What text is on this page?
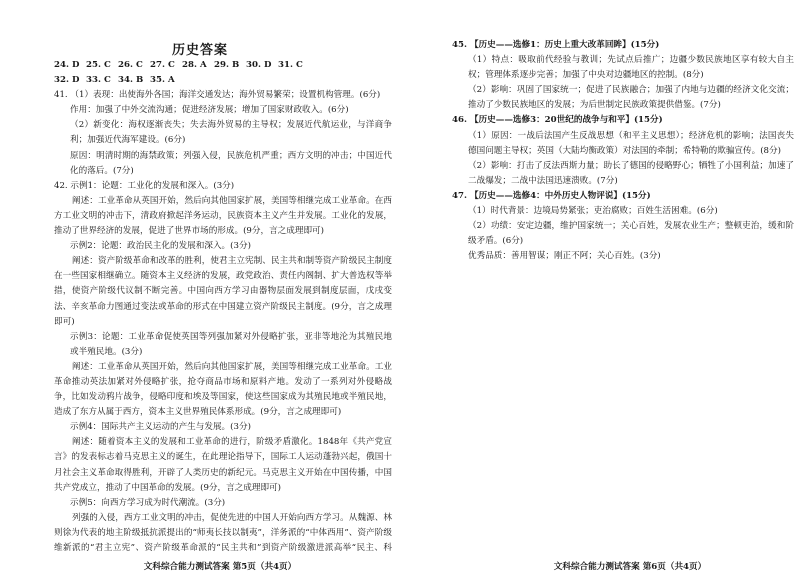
历史答案
24. D 25. C 26. C 27. C 28. A 29. B 30. D 31. C
32. D 33. C 34. B 35. A

41. （1）表现：出使海外各国；海洋交通发达；海外贸易繁荣；设置机构管理。(6分)

作用：加强了中外交流沟通；促进经济发展；增加了国家财政收入。(6分)

（2）新变化：海权逐渐丧失；失去海外贸易的主导权；发展近代航运业，与洋商争利；加强近代海军建设。(6分)

原因：明清时期的海禁政策；列强入侵，民族危机严重；西方文明的冲击；中国近代化的落后。(7分)

42. 示例1：论题：工业化的发展和深入。(3分)

阐述：工业革命从英国开始，然后向其他国家扩展，美国等相继完成工业革命。在西方工业文明的冲击下，清政府掀起洋务运动，民族资本主义产生并发展。工业化的发展，推动了世界经济的发展，促进了世界市场的形成。(9分，言之成理即可)

示例2：论题：政治民主化的发展和深入。(3分)

阐述：资产阶级革命和改革的胜利，使君主立宪制、民主共和制等资产阶级民主制度在一些国家相继确立。随资本主义经济的发展，政党政治、责任内阁制、扩大普选权等举措，使资产阶级代议制不断完善。中国向西方学习由器物层面发展到制度层面，戊戌变法、辛亥革命力图通过变法或革命的形式在中国建立资产阶级民主制度。(9分，言之成理即可)

示例3：论题：工业革命促使英国等列强加紧对外侵略扩张，亚非等地沦为其殖民地或半殖民地。(3分)

阐述：工业革命从英国开始，然后向其他国家扩展，美国等相继完成工业革命。工业革命推动英法加紧对外侵略扩张，抢夺商品市场和原料产地。发动了一系列对外侵略战争，比如发动鸦片战争，侵略印度和埃及等国家，使这些国家成为其殖民地或半殖民地，造成了东方从属于西方，资本主义世界殖民体系形成。(9分，言之成理即可)

示例4：国际共产主义运动的产生与发展。(3分)

阐述：随着资本主义的发展和工业革命的进行，阶级矛盾激化。1848年《共产党宣言》的发表标志着马克思主义的诞生，在此理论指导下，国际工人运动蓬勃兴起，俄国十月社会主义革命取得胜利，开辟了人类历史的新纪元。马克思主义开始在中国传播，中国共产党成立，推动了中国革命的发展。(9分，言之成理即可)

示例5：向西方学习成为时代潮流。(3分)

列强的入侵，西方工业文明的冲击，促使先进的中国人开始向西方学习。从魏源、林则徐为代表的地主阶级抵抗派提出的“师夷长技以制夷”，洋务派的“中体西用”、资产阶级维新派的“君主立宪”、资产阶级革命派的“民主共和”到资产阶级激进派高举“民主、科

文科综合能力测试答案 第5页（共4页）

45. 【历史——选修1：历史上重大改革回眸】(15分)

（1）特点：吸取前代经验与教训；先试点后推广；边疆少数民族地区享有较大自主权；管理体系逐步完善；加强了中央对边疆地区的控制。(8分)

（2）影响：巩固了国家统一；促进了民族融合；加强了内地与边疆的经济文化交流；推动了少数民族地区的发展；为后世制定民族政策提供借鉴。(7分)

46. 【历史——选修3：20世纪的战争与和平】(15分)

（1）原因：一战后法国产生反战思想（和平主义思想）；经济危机的影响；法国丧失德国问题主导权；英国（大陆均衡政策）对法国的牵制；希特勒的欺骗宣传。(8分)

（2）影响：打击了反法西斯力量；助长了德国的侵略野心；牺牲了小国利益；加速了二战爆发；二战中法国迅速溃败。(7分)

47. 【历史——选修4：中外历史人物评说】(15分)

（1）时代背景：边境局势紧张；吏治腐败；百姓生活困难。(6分)

（2）功绩：安定边疆，维护国家统一；关心百姓，发展农业生产；整顿吏治，缓和阶级矛盾。(6分)

优秀品质：善用智谋；刚正不阿；关心百姓。(3分)

文科综合能力测试答案 第6页（共4页）
